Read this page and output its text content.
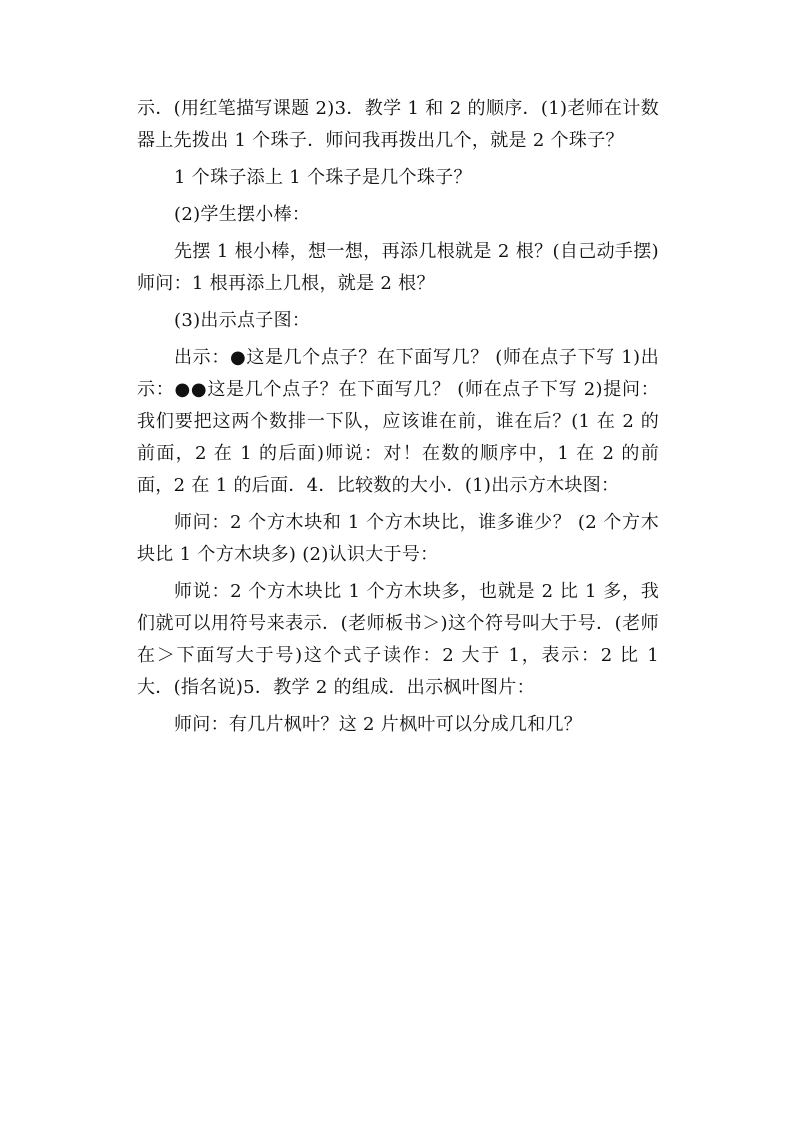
示．(用红笔描写课题 2)3．教学 1 和 2 的顺序．(1)老师在计数器上先拨出 1 个珠子．师问我再拨出几个，就是 2 个珠子？

1 个珠子添上 1 个珠子是几个珠子？

(2)学生摆小棒：

先摆 1 根小棒，想一想，再添几根就是 2 根？(自己动手摆)师问：1 根再添上几根，就是 2 根？

(3)出示点子图：

出示：●这是几个点子？在下面写几？ (师在点子下写 1)出示：●●这是几个点子？在下面写几？ (师在点子下写 2)提问：我们要把这两个数排一下队，应该谁在前，谁在后？(1 在 2 的前面，2 在 1 的后面)师说：对！在数的顺序中，1 在 2 的前面，2 在 1 的后面．4．比较数的大小．(1)出示方木块图：

师问：2 个方木块和 1 个方木块比，谁多谁少？ (2 个方木块比 1 个方木块多) (2)认识大于号：

师说：2 个方木块比 1 个方木块多，也就是 2 比 1 多，我们就可以用符号来表示．(老师板书＞)这个符号叫大于号．(老师在＞下面写大于号)这个式子读作：2 大于 1，表示：2 比 1 大．(指名说)5．教学 2 的组成．出示枫叶图片：

师问：有几片枫叶？这 2 片枫叶可以分成几和几？
